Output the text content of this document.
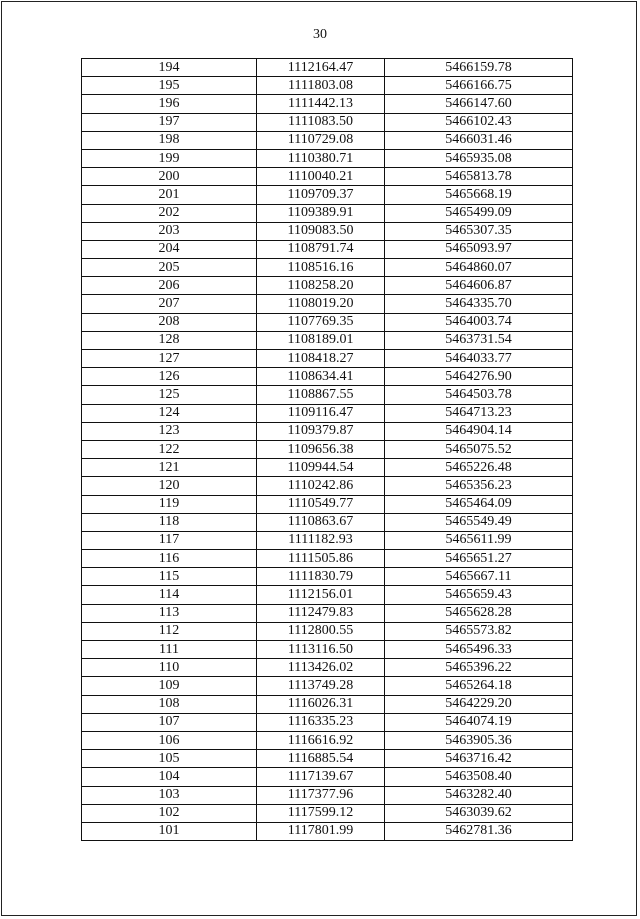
30
194	1112164.47	5466159.78
195	1111803.08	5466166.75
196	1111442.13	5466147.60
197	1111083.50	5466102.43
198	1110729.08	5466031.46
199	1110380.71	5465935.08
200	1110040.21	5465813.78
201	1109709.37	5465668.19
202	1109389.91	5465499.09
203	1109083.50	5465307.35
204	1108791.74	5465093.97
205	1108516.16	5464860.07
206	1108258.20	5464606.87
207	1108019.20	5464335.70
208	1107769.35	5464003.74
128	1108189.01	5463731.54
127	1108418.27	5464033.77
126	1108634.41	5464276.90
125	1108867.55	5464503.78
124	1109116.47	5464713.23
123	1109379.87	5464904.14
122	1109656.38	5465075.52
121	1109944.54	5465226.48
120	1110242.86	5465356.23
119	1110549.77	5465464.09
118	1110863.67	5465549.49
117	1111182.93	5465611.99
116	1111505.86	5465651.27
115	1111830.79	5465667.11
114	1112156.01	5465659.43
113	1112479.83	5465628.28
112	1112800.55	5465573.82
111	1113116.50	5465496.33
110	1113426.02	5465396.22
109	1113749.28	5465264.18
108	1116026.31	5464229.20
107	1116335.23	5464074.19
106	1116616.92	5463905.36
105	1116885.54	5463716.42
104	1117139.67	5463508.40
103	1117377.96	5463282.40
102	1117599.12	5463039.62
101	1117801.99	5462781.36
